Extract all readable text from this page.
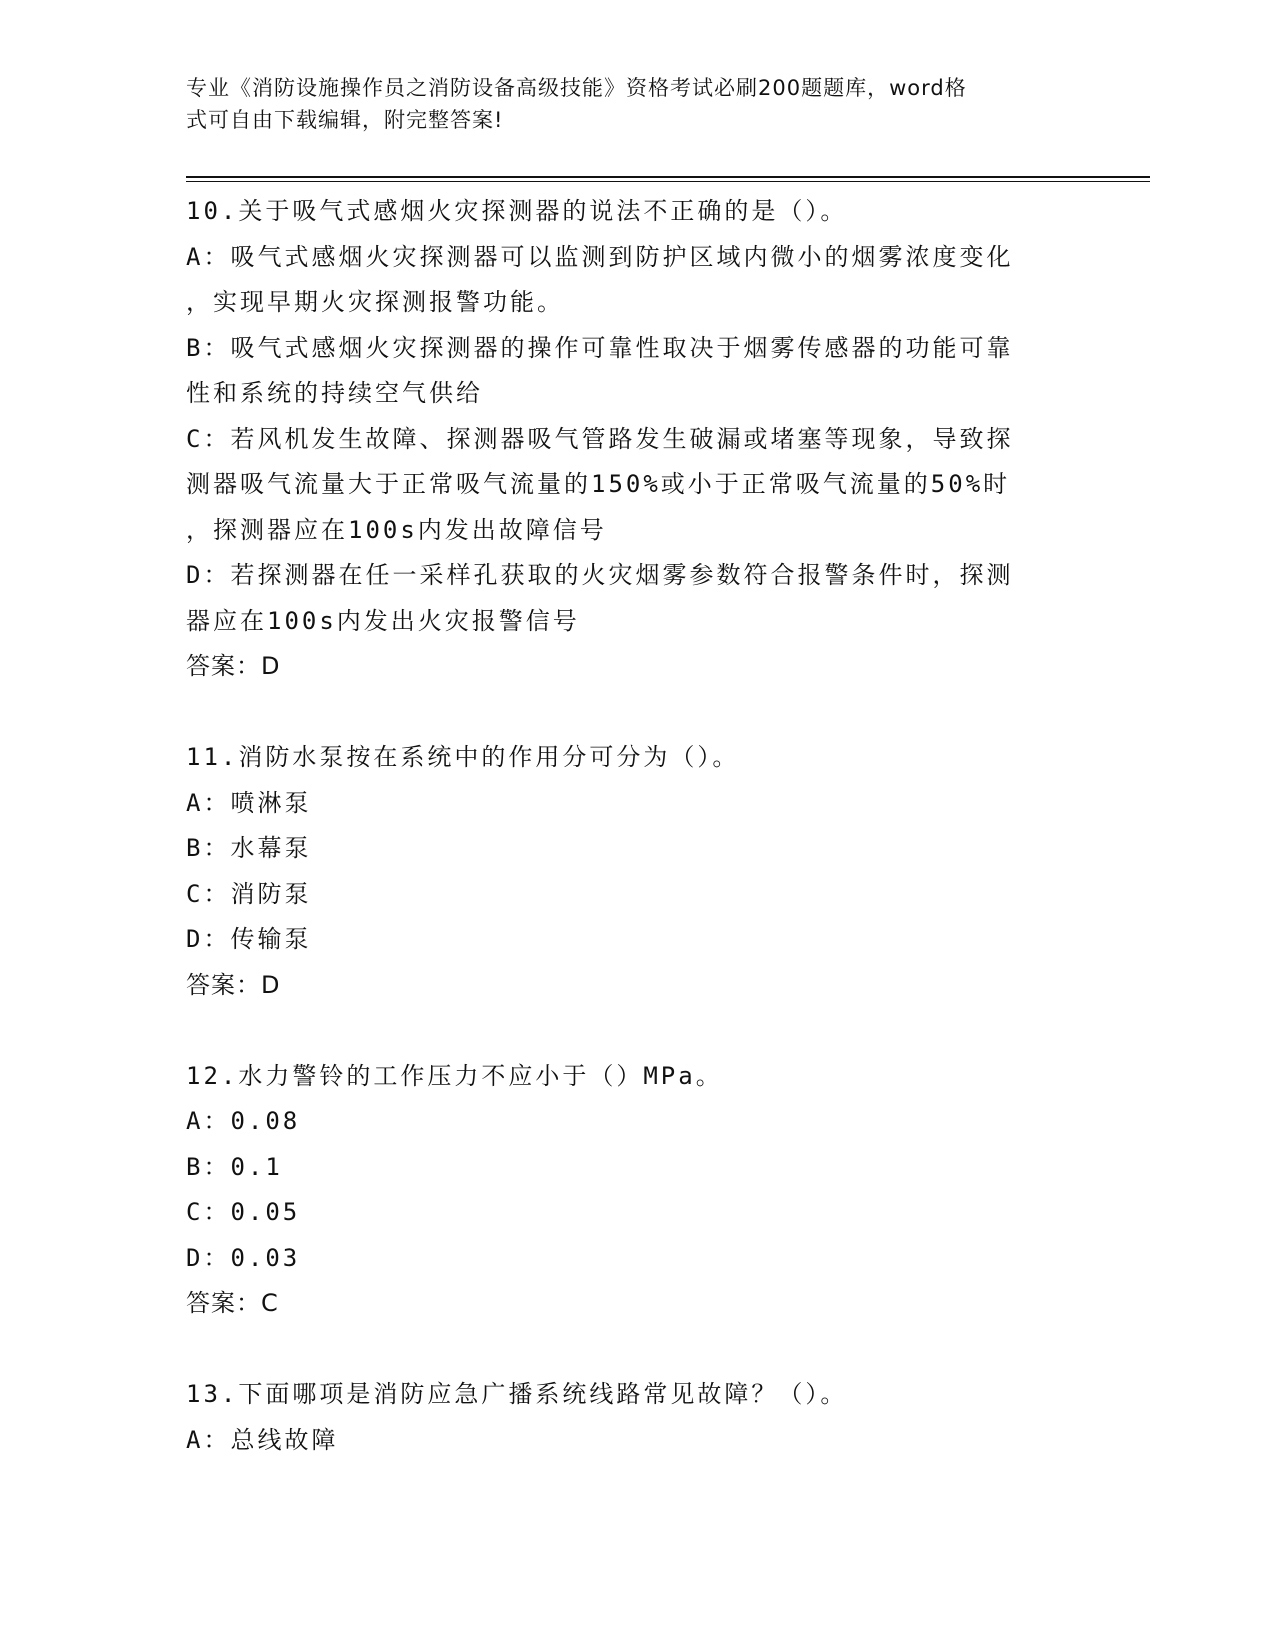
专业《消防设施操作员之消防设备高级技能》资格考试必刷200题题库，word格
式可自由下载编辑，附完整答案!
10.关于吸气式感烟火灾探测器的说法不正确的是（）。
A：吸气式感烟火灾探测器可以监测到防护区域内微小的烟雾浓度变化
，实现早期火灾探测报警功能。
B：吸气式感烟火灾探测器的操作可靠性取决于烟雾传感器的功能可靠
性和系统的持续空气供给
C：若风机发生故障、探测器吸气管路发生破漏或堵塞等现象，导致探
测器吸气流量大于正常吸气流量的150%或小于正常吸气流量的50%时
，探测器应在100s内发出故障信号
D：若探测器在任一采样孔获取的火灾烟雾参数符合报警条件时，探测
器应在100s内发出火灾报警信号
答案：D
11.消防水泵按在系统中的作用分可分为（）。
A：喷淋泵
B：水幕泵
C：消防泵
D：传输泵
答案：D
12.水力警铃的工作压力不应小于（）MPa。
A：0.08
B：0.1
C：0.05
D：0.03
答案：C
13.下面哪项是消防应急广播系统线路常见故障？（）。
A：总线故障
